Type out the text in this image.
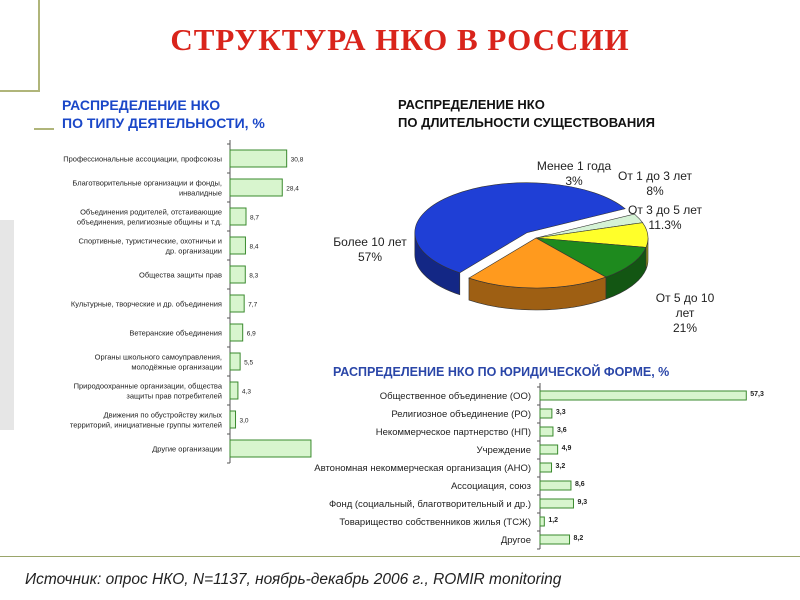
СТРУКТУРА НКО В РОССИИ
РАСПРЕДЕЛЕНИЕ НКО
ПО ТИПУ ДЕЯТЕЛЬНОСТИ, %
РАСПРЕДЕЛЕНИЕ НКО
ПО ДЛИТЕЛЬНОСТИ СУЩЕСТВОВАНИЯ
РАСПРЕДЕЛЕНИЕ НКО ПО ЮРИДИЧЕСКОЙ ФОРМЕ, %
Профессиональные ассоциации, профсоюзы	30,8
Благотворительные организации и фонды, инвалидные	28,4
Объединения родителей, отстаивающие объединения, религиозные общины и т.д.	8,7
Спортивные, туристические, охотничьи и др. организации	8,4
Общества защиты прав	8,3
Культурные, творческие и др. объединения	7,7
Ветеранские объединения	6,9
Органы школьного самоуправления, молодёжные организации	5,5
Природоохранные организации, общества защиты прав потребителей	4,3
Движения по обустройству жилых территорий, инициативные группы жителей	3,0
Другие организации
Менее 1 года 3%	От 1 до 3 лет 8%
От 3 до 5 лет 11.3%
От 5 до 10 лет 21%
Более 10 лет 57%
Общественное объединение (ОО)	57,3
Религиозное объединение (РО)	3,3
Некоммерческое партнерство (НП)	3,6
Учреждение	4,9
Автономная некоммерческая организация (АНО)	3,2
Ассоциация, союз	8,6
Фонд (социальный, благотворительный и др.)	9,3
Товарищество собственников жилья (ТСЖ) 1,2
Другое	8,2
Источник: опрос НКО, N=1137, ноябрь-декабрь 2006 г., ROMIR monitoring
